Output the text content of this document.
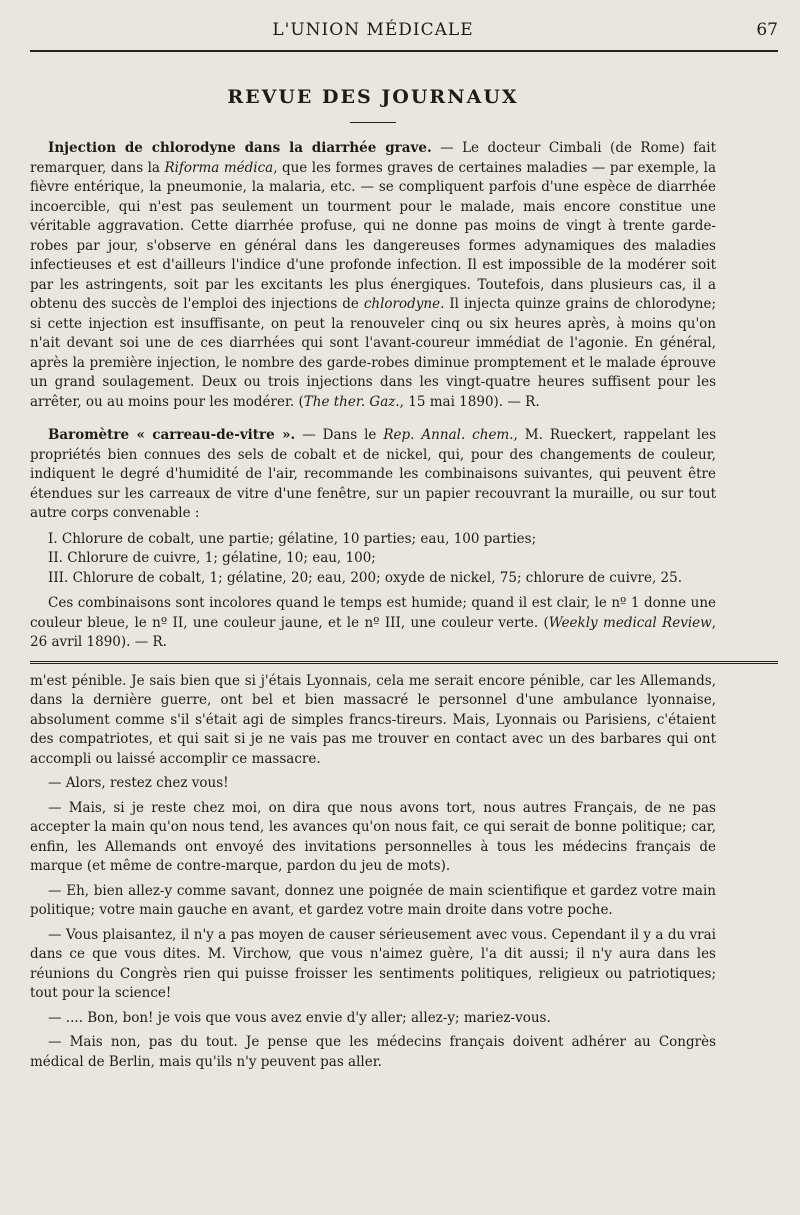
L'UNION MÉDICALE	67
REVUE DES JOURNAUX

Injection de chlorodyne dans la diarrhée grave. — Le docteur Cimbali (de Rome) fait remarquer, dans la Riforma médica, que les formes graves de certaines maladies — par exemple, la fièvre entérique, la pneumonie, la malaria, etc. — se compliquent parfois d'une espèce de diarrhée incoercible, qui n'est pas seulement un tourment pour le malade, mais encore constitue une véritable aggravation. Cette diarrhée profuse, qui ne donne pas moins de vingt à trente garde-robes par jour, s'observe en général dans les dangereuses formes adynamiques des maladies infectieuses et est d'ailleurs l'indice d'une profonde infection. Il est impossible de la modérer soit par les astringents, soit par les excitants les plus énergiques. Toutefois, dans plusieurs cas, il a obtenu des succès de l'emploi des injections de chlorodyne. Il injecta quinze grains de chlorodyne; si cette injection est insuffisante, on peut la renouveler cinq ou six heures après, à moins qu'on n'ait devant soi une de ces diarrhées qui sont l'avant-coureur immédiat de l'agonie. En général, après la première injection, le nombre des garde-robes diminue promptement et le malade éprouve un grand soulagement. Deux ou trois injections dans les vingt-quatre heures suffisent pour les arrêter, ou au moins pour les modérer. (The ther. Gaz., 15 mai 1890). — R.

Baromètre « carreau-de-vitre ». — Dans le Rep. Annal. chem., M. Rueckert, rappelant les propriétés bien connues des sels de cobalt et de nickel, qui, pour des changements de couleur, indiquent le degré d'humidité de l'air, recommande les combinaisons suivantes, qui peuvent être étendues sur les carreaux de vitre d'une fenêtre, sur un papier recouvrant la muraille, ou sur tout autre corps convenable :

I. Chlorure de cobalt, une partie; gélatine, 10 parties; eau, 100 parties;

II. Chlorure de cuivre, 1; gélatine, 10; eau, 100;

III. Chlorure de cobalt, 1; gélatine, 20; eau, 200; oxyde de nickel, 75; chlorure de cuivre, 25.

Ces combinaisons sont incolores quand le temps est humide; quand il est clair, le nº 1 donne une couleur bleue, le nº II, une couleur jaune, et le nº III, une couleur verte. (Weekly medical Review, 26 avril 1890). — R.

m'est pénible. Je sais bien que si j'étais Lyonnais, cela me serait encore pénible, car les Allemands, dans la dernière guerre, ont bel et bien massacré le personnel d'une ambulance lyonnaise, absolument comme s'il s'était agi de simples francs-tireurs. Mais, Lyonnais ou Parisiens, c'étaient des compatriotes, et qui sait si je ne vais pas me trouver en contact avec un des barbares qui ont accompli ou laissé accomplir ce massacre.

— Alors, restez chez vous!

— Mais, si je reste chez moi, on dira que nous avons tort, nous autres Français, de ne pas accepter la main qu'on nous tend, les avances qu'on nous fait, ce qui serait de bonne politique; car, enfin, les Allemands ont envoyé des invitations personnelles à tous les médecins français de marque (et même de contre-marque, pardon du jeu de mots).

— Eh, bien allez-y comme savant, donnez une poignée de main scientifique et gardez votre main politique; votre main gauche en avant, et gardez votre main droite dans votre poche.

— Vous plaisantez, il n'y a pas moyen de causer sérieusement avec vous. Cependant il y a du vrai dans ce que vous dites. M. Virchow, que vous n'aimez guère, l'a dit aussi; il n'y aura dans les réunions du Congrès rien qui puisse froisser les sentiments politiques, religieux ou patriotiques; tout pour la science!

— .... Bon, bon! je vois que vous avez envie d'y aller; allez-y; mariez-vous.

— Mais non, pas du tout. Je pense que les médecins français doivent adhérer au Congrès médical de Berlin, mais qu'ils n'y peuvent pas aller.
